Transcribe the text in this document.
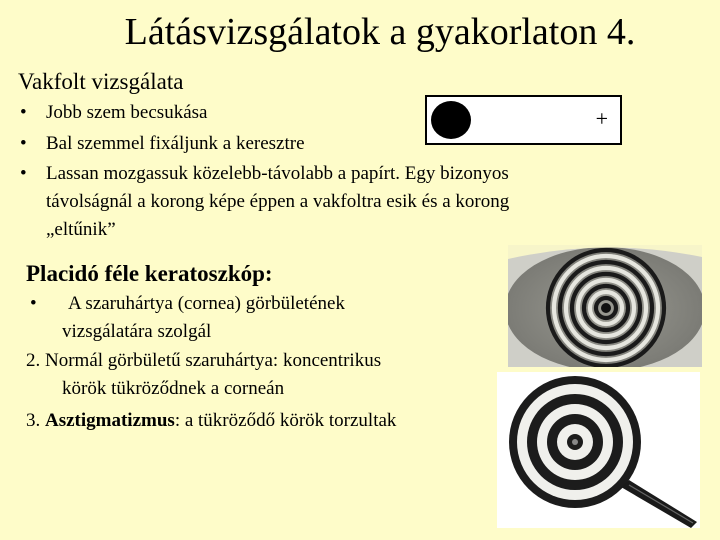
Látásvizsgálatok a gyakorlaton 4.
Vakfolt vizsgálata
• Jobb szem becsukása
• Bal szemmel fixáljunk a keresztre
• Lassan mozgassuk közelebb-távolabb a papírt. Egy bizonyos
távolságnál a korong képe éppen a vakfoltra esik és a korong
„eltűnik”
+
Placidó féle keratoszkóp:
• A szaruhártya (cornea) görbületének
vizsgálatára szolgál
2. Normál görbületű szaruhártya: koncentrikus
körök tükröződnek a corneán
3. Asztigmatizmus: a tükröződő körök torzultak
